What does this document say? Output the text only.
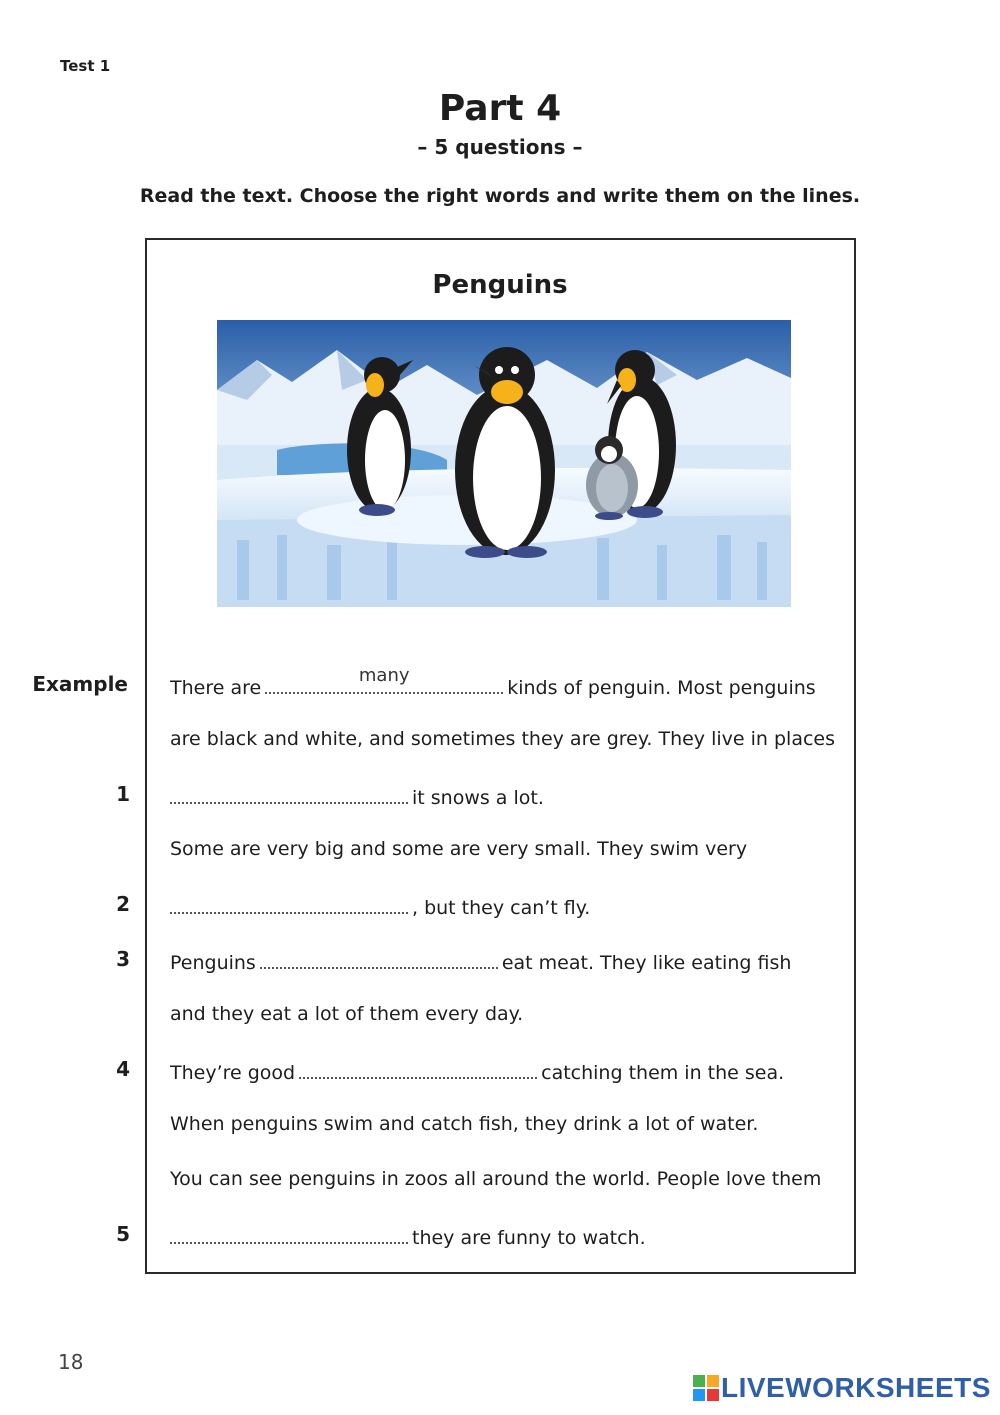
Test 1
Part 4
– 5 questions –
Read the text. Choose the right words and write them on the lines.
Penguins
Example There are
many
kinds of penguin. Most penguins
are black and white, and sometimes they are grey. They live in places
1	it snows a lot.
Some are very big and some are very small. They swim very
2	, but they can’t fly.
3 Penguins	eat meat. They like eating fish
and they eat a lot of them every day.
4 They’re good	catching them in the sea.
When penguins swim and catch fish, they drink a lot of water.
You can see penguins in zoos all around the world. People love them
5	they are funny to watch.
18
LIVEWORKSHEETS
